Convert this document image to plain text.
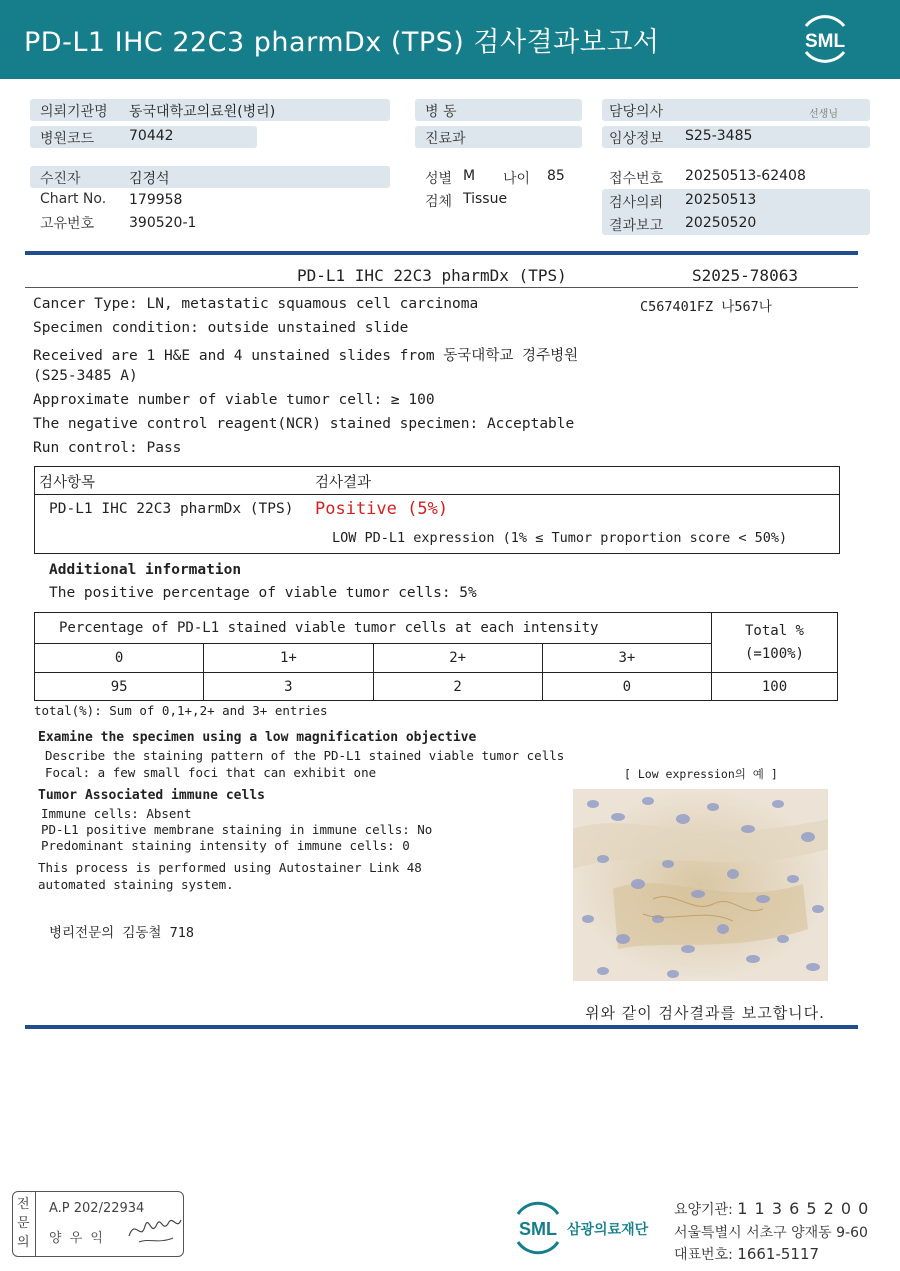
PD-L1 IHC 22C3 pharmDx (TPS) 검사결과보고서	SML
의뢰기관명 동국대학교의료원(병리)
병원코드 70442
병 동
진료과
담당의사	선생님
임상정보 S25-3485
수진자	김경석
Chart No. 179958
고유번호 390520-1
성별 M 나이 85
검체 Tissue
접수번호 20250513-62408
검사의뢰 20250513
결과보고 20250520
PD-L1 IHC 22C3 pharmDx (TPS)	S2025-78063
C567401FZ 나567나
Cancer Type: LN, metastatic squamous cell carcinoma
Specimen condition: outside unstained slide
Received are 1 H&E and 4 unstained slides from 동국대학교 경주병원
(S25-3485 A)
Approximate number of viable tumor cell: ≥ 100
The negative control reagent(NCR) stained specimen: Acceptable
Run control: Pass
검사항목	검사결과
PD-L1 IHC 22C3 pharmDx (TPS) Positive (5%)
LOW PD-L1 expression (1% ≤ Tumor proportion score < 50%)
Additional information
The positive percentage of viable tumor cells: 5%
Percentage of PD-L1 stained viable tumor cells at each intensity				Total %
(=100%)

0	1+	2+	3+	
95	3	2	0	100
total(%): Sum of 0,1+,2+ and 3+ entries
Examine the specimen using a low magnification objective
Describe the staining pattern of the PD-L1 stained viable tumor cells
Focal: a few small foci that can exhibit one	[ Low expression의 예 ]
Tumor Associated immune cells
Immune cells: Absent
PD-L1 positive membrane staining in immune cells: No
Predominant staining intensity of immune cells: 0
This process is performed using Autostainer Link 48
automated staining system.
병리전문의 김동철 718
위와 같이 검사결과를 보고합니다.
전
문
의
A.P 202/22934
양 우 익	SML 삼광의료재단
요양기관: 1 1 3 6 5 2 0 0
서울특별시 서초구 양재동 9-60
대표번호: 1661-5117
